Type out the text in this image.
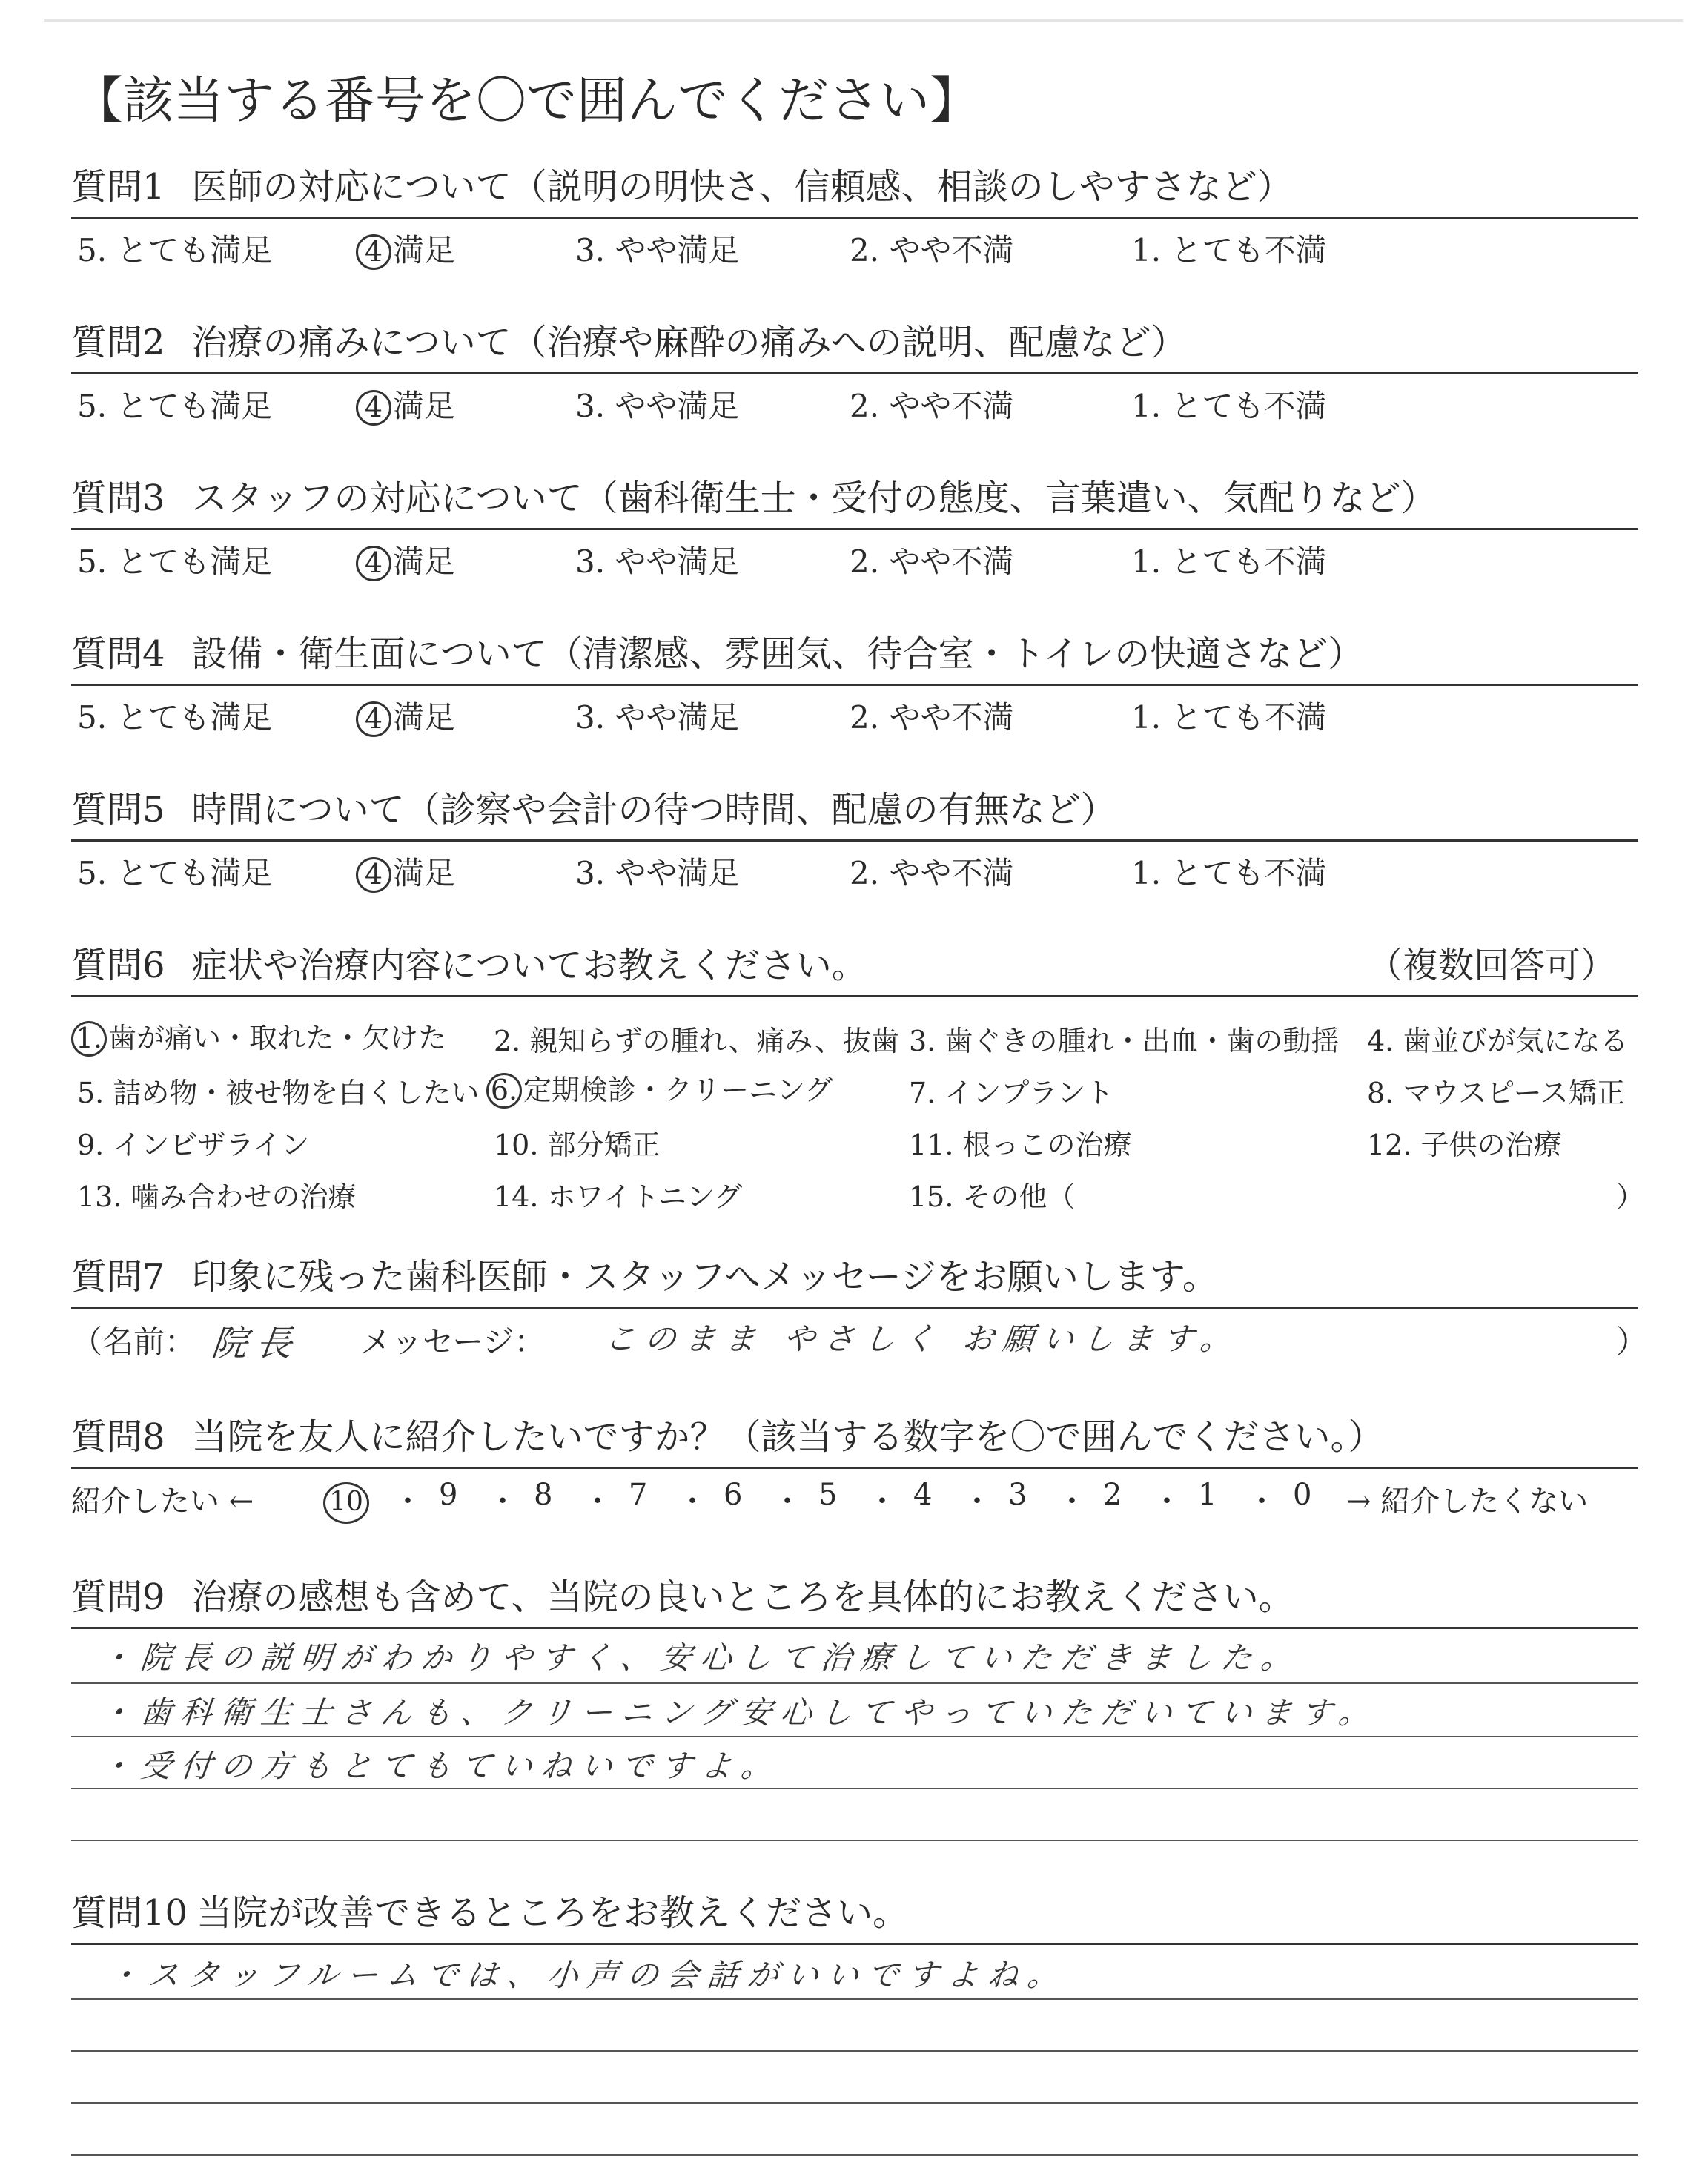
【該当する番号を〇で囲んでください】
質問1 医師の対応について（説明の明快さ、信頼感、相談のしやすさなど）
5. とても満足	4 満足	3. やや満足	2. やや不満	1. とても不満
質問2 治療の痛みについて（治療や麻酔の痛みへの説明、配慮など）
5. とても満足	4 満足	3. やや満足	2. やや不満	1. とても不満
質問3 スタッフの対応について（歯科衛生士・受付の態度、言葉遣い、気配りなど）
5. とても満足	4 満足	3. やや満足	2. やや不満	1. とても不満
質問4 設備・衛生面について（清潔感、雰囲気、待合室・トイレの快適さなど）
5. とても満足	4 満足	3. やや満足	2. やや不満	1. とても不満
質問5 時間について（診察や会計の待つ時間、配慮の有無など）
5. とても満足	4 満足	3. やや満足	2. やや不満	1. とても不満
質問6 症状や治療内容についてお教えください。	（複数回答可）
1. 歯が痛い・取れた・欠けた 2. 親知らずの腫れ、痛み、抜歯 3. 歯ぐきの腫れ・出血・歯の動揺 4. 歯並びが気になる
5. 詰め物・被せ物を白くしたい 6. 定期検診・クリーニング	7. インプラント	8. マウスピース矯正
9. インビザライン	10. 部分矯正	11. 根っこの治療	12. 子供の治療
13. 噛み合わせの治療	14. ホワイトニング	15. その他（	）
質問7 印象に残った歯科医師・スタッフへメッセージをお願いします。
（名前： 院長 メッセージ： このまま やさしく お願いします。	）
質問8 当院を友人に紹介したいですか？（該当する数字を〇で囲んでください。）
紹介したい ←	10 ・ 9 ・ 8 ・ 7 ・ 6 ・ 5 ・ 4 ・ 3 ・ 2 ・ 1 ・ 0 → 紹介したくない
質問9 治療の感想も含めて、当院の良いところを具体的にお教えください。
・院長の説明がわかりやすく、安心して治療していただきました。
・歯科衛生士さんも、クリーニング安心してやっていただいています。
・受付の方もとてもていねいですよ。
質問10 当院が改善できるところをお教えください。
・スタッフルームでは、小声の会話がいいですよね。
